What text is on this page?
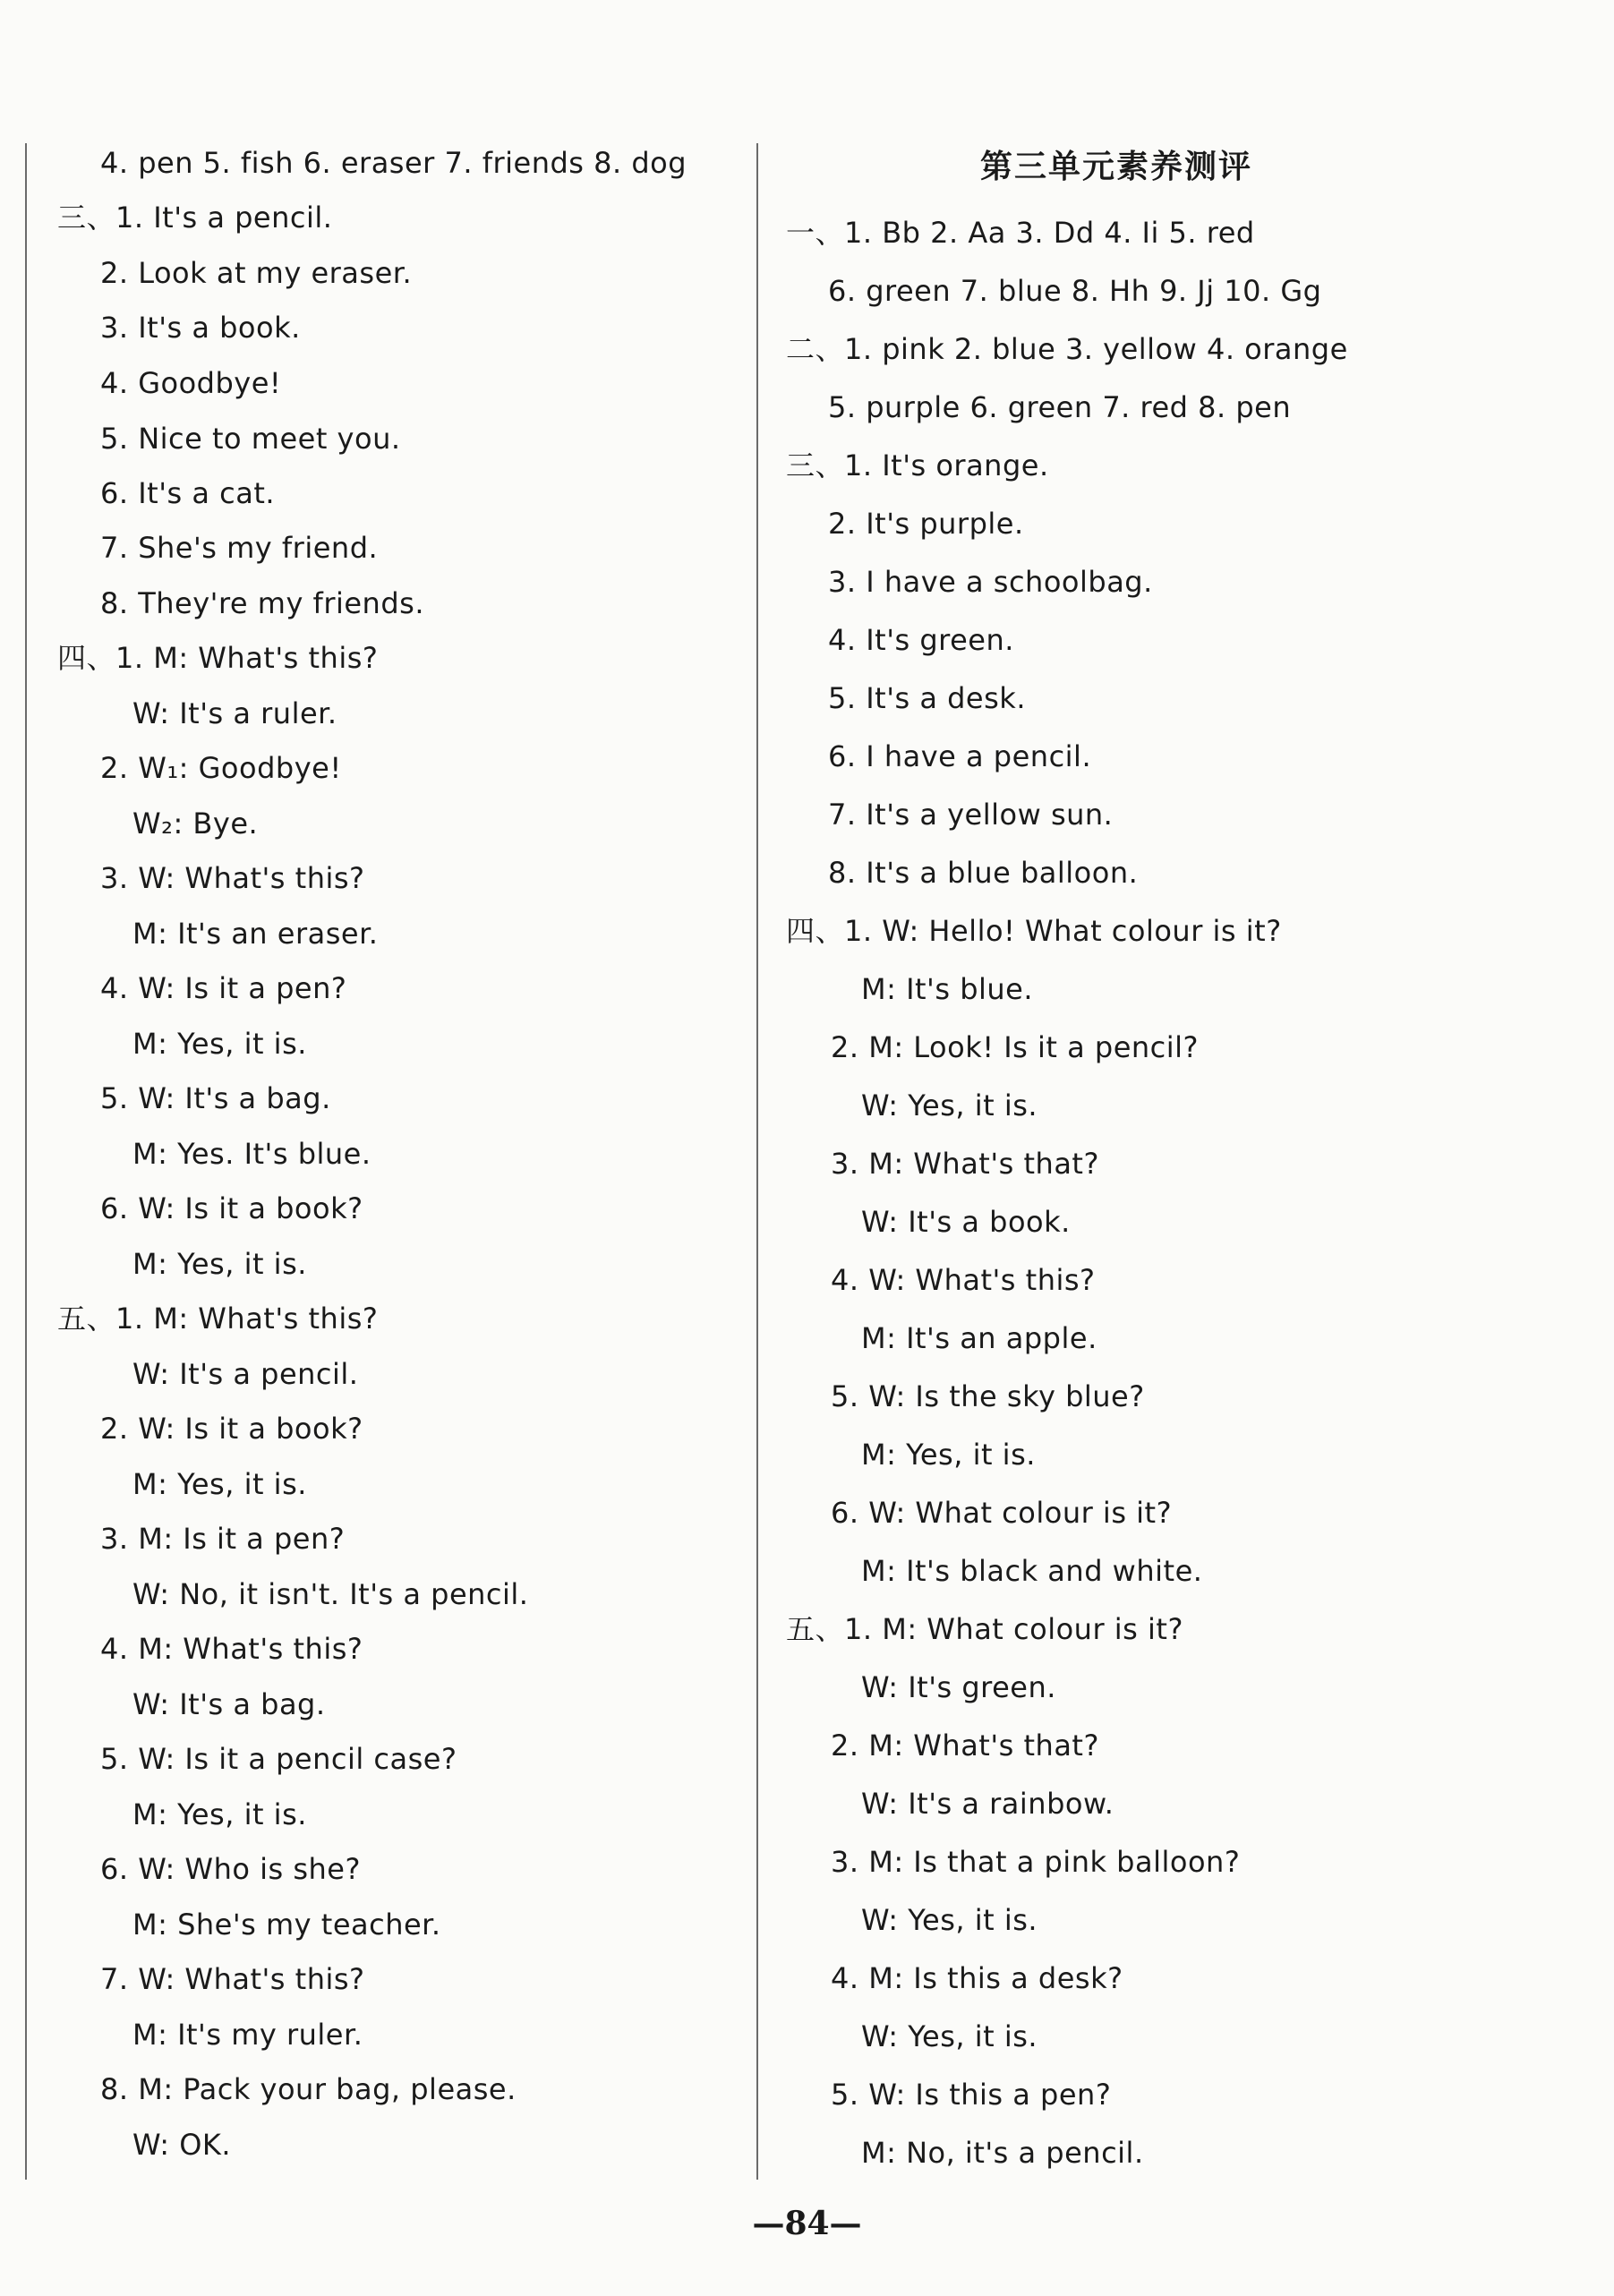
4. pen 5. fish 6. eraser 7. friends 8. dog
三、1. It's a pencil.
2. Look at my eraser.
3. It's a book.
4. Goodbye!
5. Nice to meet you.
6. It's a cat.
7. She's my friend.
8. They're my friends.
四、1. M: What's this?
W: It's a ruler.
2. W₁: Goodbye!
W₂: Bye.
3. W: What's this?
M: It's an eraser.
4. W: Is it a pen?
M: Yes, it is.
5. W: It's a bag.
M: Yes. It's blue.
6. W: Is it a book?
M: Yes, it is.
五、1. M: What's this?
W: It's a pencil.
2. W: Is it a book?
M: Yes, it is.
3. M: Is it a pen?
W: No, it isn't. It's a pencil.
4. M: What's this?
W: It's a bag.
5. W: Is it a pencil case?
M: Yes, it is.
6. W: Who is she?
M: She's my teacher.
7. W: What's this?
M: It's my ruler.
8. M: Pack your bag, please.
W: OK.
第三单元素养测评
一、1. Bb 2. Aa 3. Dd 4. Ii 5. red
6. green 7. blue 8. Hh 9. Jj 10. Gg
二、1. pink 2. blue 3. yellow 4. orange
5. purple 6. green 7. red 8. pen
三、1. It's orange.
2. It's purple.
3. I have a schoolbag.
4. It's green.
5. It's a desk.
6. I have a pencil.
7. It's a yellow sun.
8. It's a blue balloon.
四、1. W: Hello! What colour is it?
M: It's blue.
2. M: Look! Is it a pencil?
W: Yes, it is.
3. M: What's that?
W: It's a book.
4. W: What's this?
M: It's an apple.
5. W: Is the sky blue?
M: Yes, it is.
6. W: What colour is it?
M: It's black and white.
五、1. M: What colour is it?
W: It's green.
2. M: What's that?
W: It's a rainbow.
3. M: Is that a pink balloon?
W: Yes, it is.
4. M: Is this a desk?
W: Yes, it is.
5. W: Is this a pen?
M: No, it's a pencil.
—84—
